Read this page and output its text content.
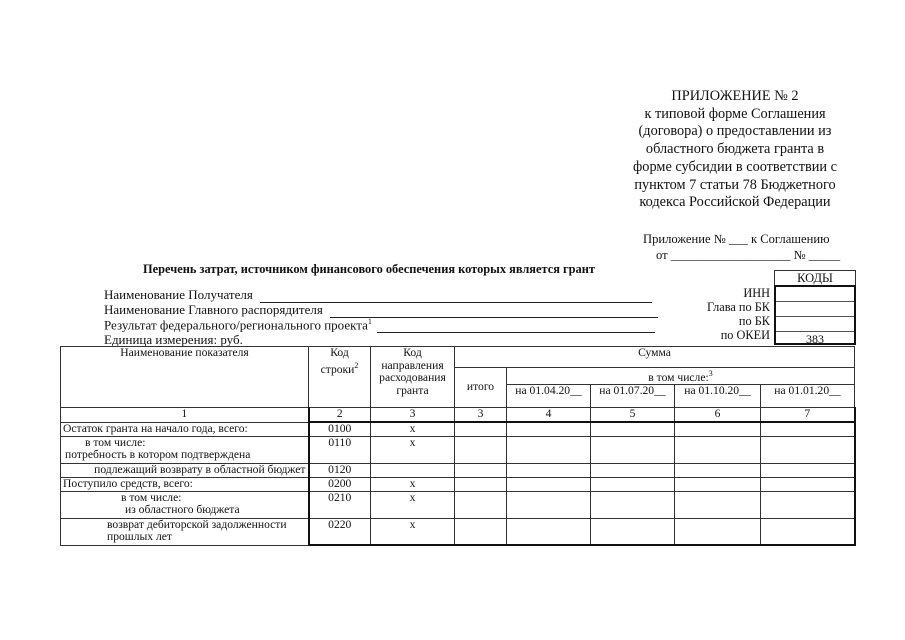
ПРИЛОЖЕНИЕ № 2
к типовой форме Соглашения
(договора) о предоставлении из
областного бюджета гранта в
форме субсидии в соответствии с
пунктом 7 статьи 78 Бюджетного
кодекса Российской Федерации
Приложение № ___ к Соглашению
от ___________________ № _____
Перечень затрат, источником финансового обеспечения которых является грант
Наименование Получателя
Наименование Главного распорядителя
Результат федерального/регионального проекта$^1$
Единица измерения: руб.
КОДЫ
ИНН
Глава по БК
по БК
по ОКЕИ	383
Наименование показателя	Код строки$^2$	Код направления расходования гранта	Сумма				
			итого	в том числе:$^3$
				на 01.04.20__	на 01.07.20__	на 01.10.20__	на 01.01.20__
1	2	3	3	4	5	6	7
Остаток гранта на начало года, всего:	0100	x					

в том числе:
потребность в котором подтверждена	0110	x					
подлежащий возврату в областной бюджет	0120						
Поступило средств, всего:	0200	x					

в том числе:
из областного бюджета	0210	x					

возврат дебиторской задолженности
прошлых лет	0220	x					
